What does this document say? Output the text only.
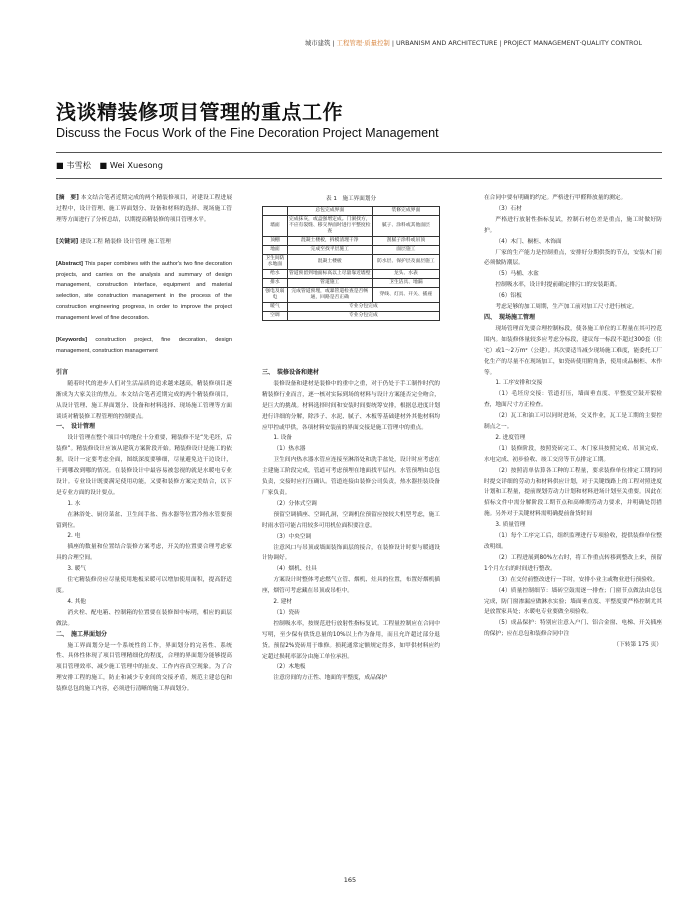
城市建筑 | 工程管理·质量控制 | URBANISM AND ARCHITECTURE | PROJECT MANAGEMENT·QUALITY CONTROL
浅谈精装修项目管理的重点工作
Discuss the Focus Work of the Fine Decoration Project Management
■ 韦雪松 ■ Wei Xuesong

[摘　要] 本文结合笔者近期完成的两个精装修项目，对建设工程进展过程中，设计管理、施工界面划分、设备和材料的选择、现场施工管理等方面进行了分析总结，以期提高精装修的项目管理水平。

[关键词] 建设工程 精装修 设计管理 施工管理

[Abstract] This paper combines with the author's two fine decoration projects, and carries on the analysis and summary of design management, construction interface, equipment and material selection, site construction management in the process of the construction engineering progress, in order to improve the project management level of fine decoration.

[Keywords] construction project, fine decoration, design management, construction management

引言

随着时代的进步人们对生活品质的追求越来越高，精装修项目逐渐成为大家关注的焦点。本文结合笔者近期完成的两个精装修项目，从设计管理、施工界面划分、设备和材料选择、现场施工管理等方面谈谈对精装修工程管理的控制要点。

一、　设计管理

设计管理在整个项目中的地位十分重要，精装修不是“先毛坯，后装修”。精装修设计应该从建筑方案阶段开始。精装修设计是施工的依据，设计一定要考虑全面，图纸深度要够细，尽量避免边干边设计，干到哪改到哪的情况。在装修设计中最容易被忽视的就是水暖电专业设计。专业设计既要满足使用功能，又要和装修方案完美结合，以下是专业方面的设计要点。

1. 水

在淋浴处、厨房菜盆、卫生间手盆、热水器等位置冷热水管要预留到位。

2. 电

插座的数量和位置结合装修方案考虑，开关的位置要合理考虑家具的合理空间。

3. 暖气

住宅精装修房应尽量使用地板采暖可以增加使用面积，提高舒适度。

4. 其他

消火栓、配电箱、控制箱的位置要在装修图中标明，相应的面层做法。

二、　施工界面划分

施工界面划分是一个系统性的工作，界面划分的完善性、系统性、具体性体现了项目管理精细化的程度，合理的界面划分能够提高项目管理效率、减少施工管理中的扯皮、工作内容真空现象。为了合理安排工程的施工，防止和减少专业间的交接矛盾，规范主建总包和装修总包的施工内容，必须进行清晰的施工界面划分。

表 1　施工界面划分
	总包完成界面	装修完成界面
墙面	完成抹灰，或盒强增定成。门洞找方，不应有裂缝、移交界面时进行平整度检查	腻子、涂料或其他面层
顶棚	混凝土楼板，拆模清理干净	刮腻子涂料或吊顶
地面	完成至找平层施工	面层施工
卫生间防水地面	混凝土楼板	防水层、保护层及面层施工
给水	管道预留到地面标高以上尽量靠近墙壁	龙头、水表
排水	管道施工	卫生洁具、地漏
强电及弱电	完成管道预埋，或暴管道检查是否畅通，回路是否正确	穿线、灯具、开关、插座
暖气	专业分包完成	
空调	专业分包完成	

三、　装修设备和建材

装修设备和建材是装修中的重中之重，对于仍处于手工制作时代的精装修行业而言，逐一核对实际到场的材料与设计方案能否完全吻合，是巨大的挑战。材料选择时间和安装时间要统筹安排，根据总进度计划进行详细的分解，除涉子、水泥、腻子、木板等基础建材外其他材料均应甲控或甲供，各项材料安装前的界面交接是施工管理中的重点。

1. 设备

（1）热水器

卫生间内热水器水管应连接至淋浴处和洗手盆处，设计时应考虑在主建施工阶段完成，管道可考虑预埋在地面找平层内。水管预埋由总包负责，交接时应打压确认。管道连接由装修公司负责，热水器挂装设备厂家负责。

（2）分体式空调

预留空调插座、空调孔洞，空调机位预留应按较大机型考虑，施工时雨水管可能占用较多可用机位面积要注意。

（3）中央空调

注意风口与吊顶或墙面装饰面层的接合，在装修设计时要与暖通设计协调好。

（4）烟机、灶具

方案设计时整体考虑燃气立管、烟机、灶具的位置，布置好烟机插座，烟管可考虑藏在吊顶或吊柜中。

2. 建材

（1）瓷砖

控制吸水率，按规范进行放射性指标复试。工程量控制应在合同中写明，至少保有供货总量的10%以上作为备用，而且允许超过部分退货。预留2%瓷砖用于维修。损耗通常定额规定得多，如甲供材料应约定超过损耗率部分由施工单位承担。

（2）木地板

注意房间的方正性、地面的平整度，成品保护

在合同中要有明确的约定。严格进行甲醛释放量的测定。

（3）石材

严格进行放射性指标复试，控制石材色差是重点，施工时做好防护。

（4）木门、橱柜、木饰面

厂家的生产能力是控制重点，安排好分期供货的节点，安装木门前必须做防潮层。

（5）马桶、水盆

控制吸水率，设计时提前确定排污口的安装距离。

（6）铝板

考虑足够的加工周期，生产加工前对加工尺寸进行核定。

四、　现场施工管理

现场管理首先要合理控制标段，使各施工单位的工程量在其可控范围内。如装修体量较多应考虑分标段，建议每一标段不超过300套（住宅）或1～2万m²（公建）。其次要适当减少现场施工难度，能委托工厂化生产的尽量不在现场加工，如瓷砖使用附角条，使用成品橱柜、木作等。

1. 工序安排和交接

（1）毛坯房交接：管道打压，墙面垂直度、平整度空鼓开裂检查，地面尺寸方正检查。

（2）瓦工和油工可以同时进场，交叉作业，瓦工是工期的主要控制点之一。

2. 进度管理

（1）装修阶段，按照瓷砖完工、木门家具按照完成、吊顶完成、水电完成、初步验收、竣工交房等节点排定工期。

（2）按照清单估算各工种的工程量，要求装修单位排定工期的同时提交详细的劳动力和材料供应计划，对于关键线路上的工程对照进度计划和工程量，提前规划劳动力计划和材料进场计划至关重要。因此在招标文件中需分解阶段工期节点和高峰期劳动力要求，并明确处罚措施。另外对于关键材料需明确提前备货时间

3. 质量管理

（1）每个工序完工后，组织监理进行专项验收，提供装修单位整改明细。

（2）工程进展到80%左右时，将工作重点转移到整改上来，预留1个月左右的时间进行整改。

（3）在交付前整改进行一手时，安排小业主或物业进行预验收。

（4）质量控制细节：墙砖空鼓需逐一排查；门窗节点做法由总包完成，防门窗渗漏应做淋水实验；墙面垂直度、平整度要严格控制尤其是放置家具处；水暖电专业要做全项验收。

（5）成品保护：特别应注意入户门、铝合金窗、电梯、开关插座的保护；应在总包和装修合同中注

（下转第 175 页）

165
